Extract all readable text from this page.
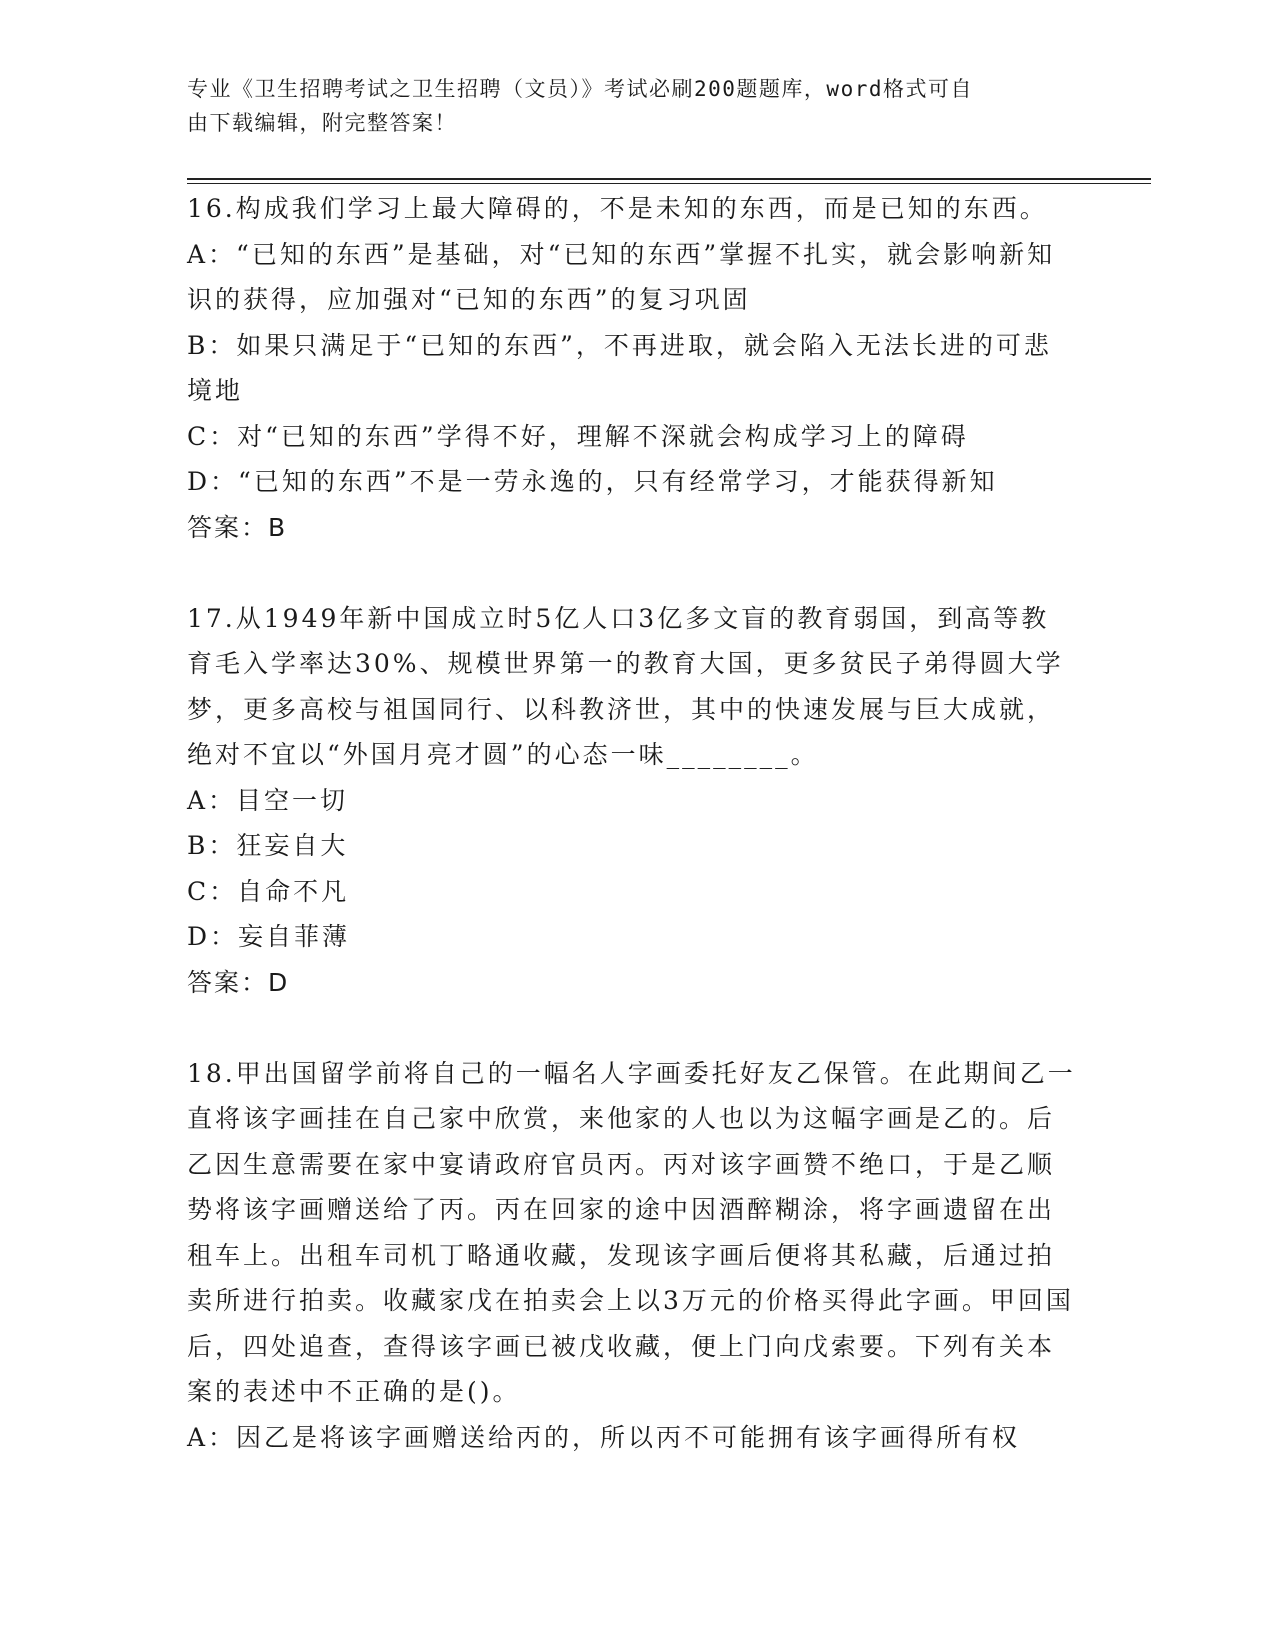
专业《卫生招聘考试之卫生招聘（文员）》考试必刷200题题库，word格式可自
由下载编辑，附完整答案！

16.构成我们学习上最大障碍的，不是未知的东西，而是已知的东西。

A：“已知的东西”是基础，对“已知的东西”掌握不扎实，就会影响新知识的获得，应加强对“已知的东西”的复习巩固

B：如果只满足于“已知的东西”，不再进取，就会陷入无法长进的可悲境地

C：对“已知的东西”学得不好，理解不深就会构成学习上的障碍

D：“已知的东西”不是一劳永逸的，只有经常学习，才能获得新知

答案：B

17.从1949年新中国成立时5亿人口3亿多文盲的教育弱国，到高等教育毛入学率达30%、规模世界第一的教育大国，更多贫民子弟得圆大学梦，更多高校与祖国同行、以科教济世，其中的快速发展与巨大成就，绝对不宜以“外国月亮才圆”的心态一味________。

A：目空一切

B：狂妄自大

C：自命不凡

D：妄自菲薄

答案：D

18.甲出国留学前将自己的一幅名人字画委托好友乙保管。在此期间乙一直将该字画挂在自己家中欣赏，来他家的人也以为这幅字画是乙的。后乙因生意需要在家中宴请政府官员丙。丙对该字画赞不绝口，于是乙顺势将该字画赠送给了丙。丙在回家的途中因酒醉糊涂，将字画遗留在出租车上。出租车司机丁略通收藏，发现该字画后便将其私藏，后通过拍卖所进行拍卖。收藏家戊在拍卖会上以3万元的价格买得此字画。甲回国后，四处追查，查得该字画已被戊收藏，便上门向戊索要。下列有关本案的表述中不正确的是()。

A：因乙是将该字画赠送给丙的，所以丙不可能拥有该字画得所有权
